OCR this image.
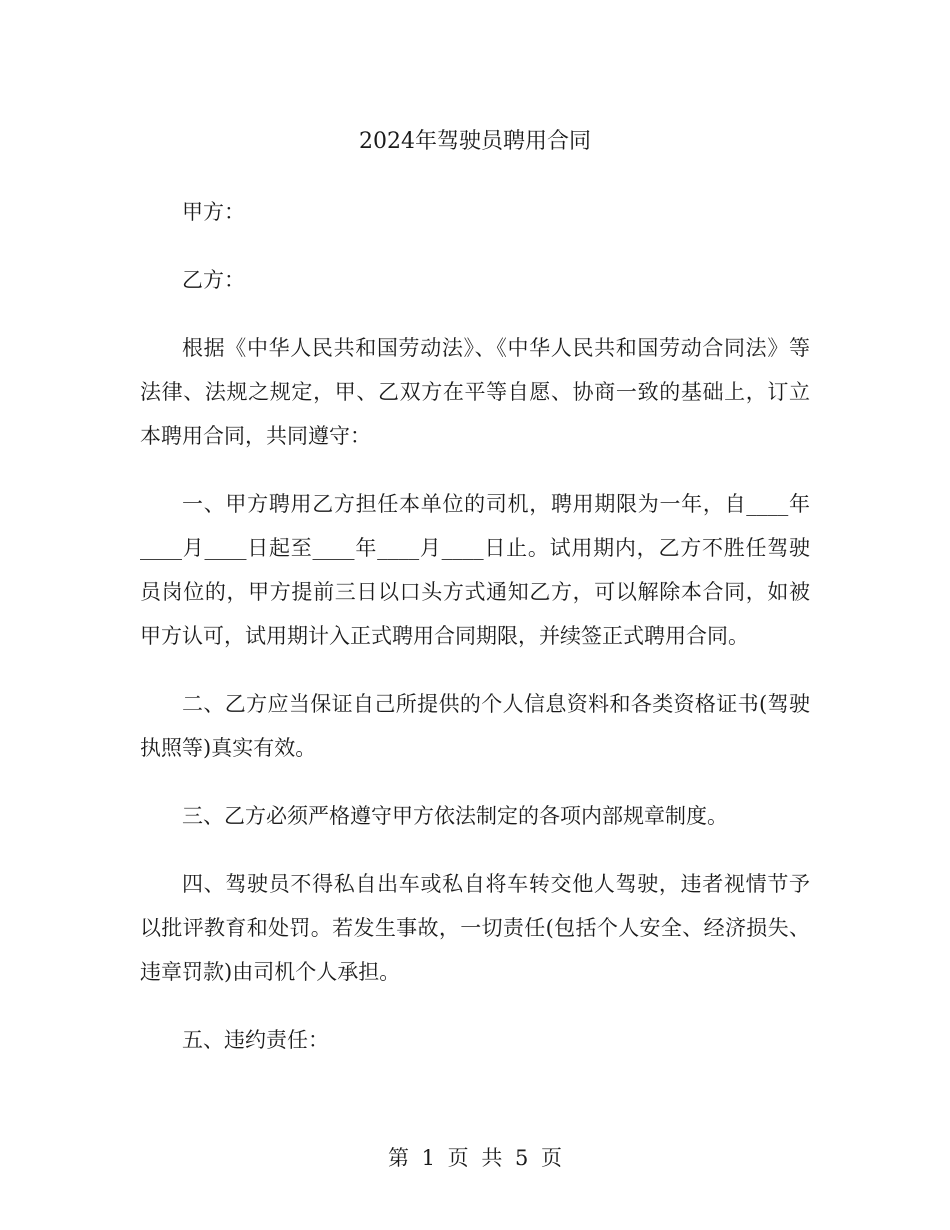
2024年驾驶员聘用合同

甲方：

乙方：

根据《中华人民共和国劳动法》、《中华人民共和国劳动合同法》等法律、法规之规定，甲、乙双方在平等自愿、协商一致的基础上，订立本聘用合同，共同遵守：

一、甲方聘用乙方担任本单位的司机，聘用期限为一年，自____年____月____日起至____年____月____日止。试用期内，乙方不胜任驾驶员岗位的，甲方提前三日以口头方式通知乙方，可以解除本合同，如被甲方认可，试用期计入正式聘用合同期限，并续签正式聘用合同。

二、乙方应当保证自己所提供的个人信息资料和各类资格证书(驾驶执照等)真实有效。

三、乙方必须严格遵守甲方依法制定的各项内部规章制度。

四、驾驶员不得私自出车或私自将车转交他人驾驶，违者视情节予以批评教育和处罚。若发生事故，一切责任(包括个人安全、经济损失、违章罚款)由司机个人承担。

五、违约责任：

第 1 页 共 5 页
